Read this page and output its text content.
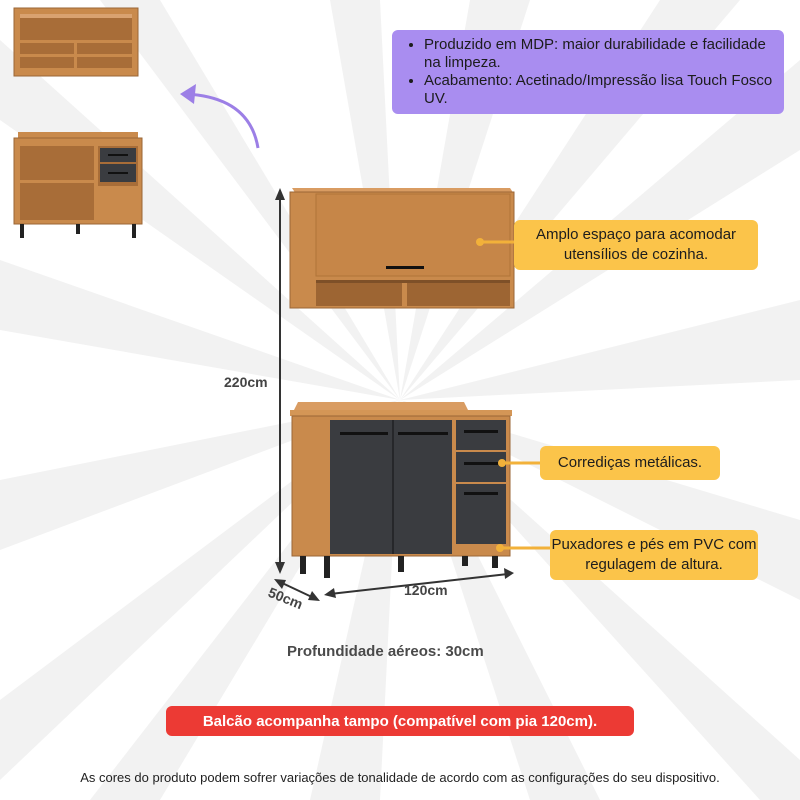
• Produzido em MDP: maior durabilidade e facilidade na limpeza.
• Acabamento: Acetinado/Impressão lisa Touch Fosco UV.
Amplo espaço para acomodar utensílios de cozinha.
Corrediças metálicas.
Puxadores e pés em PVC com regulagem de altura.
220cm
120cm
50cm
Profundidade aéreos: 30cm
Balcão acompanha tampo (compatível com pia 120cm).
As cores do produto podem sofrer variações de tonalidade de acordo com as configurações do seu dispositivo.
